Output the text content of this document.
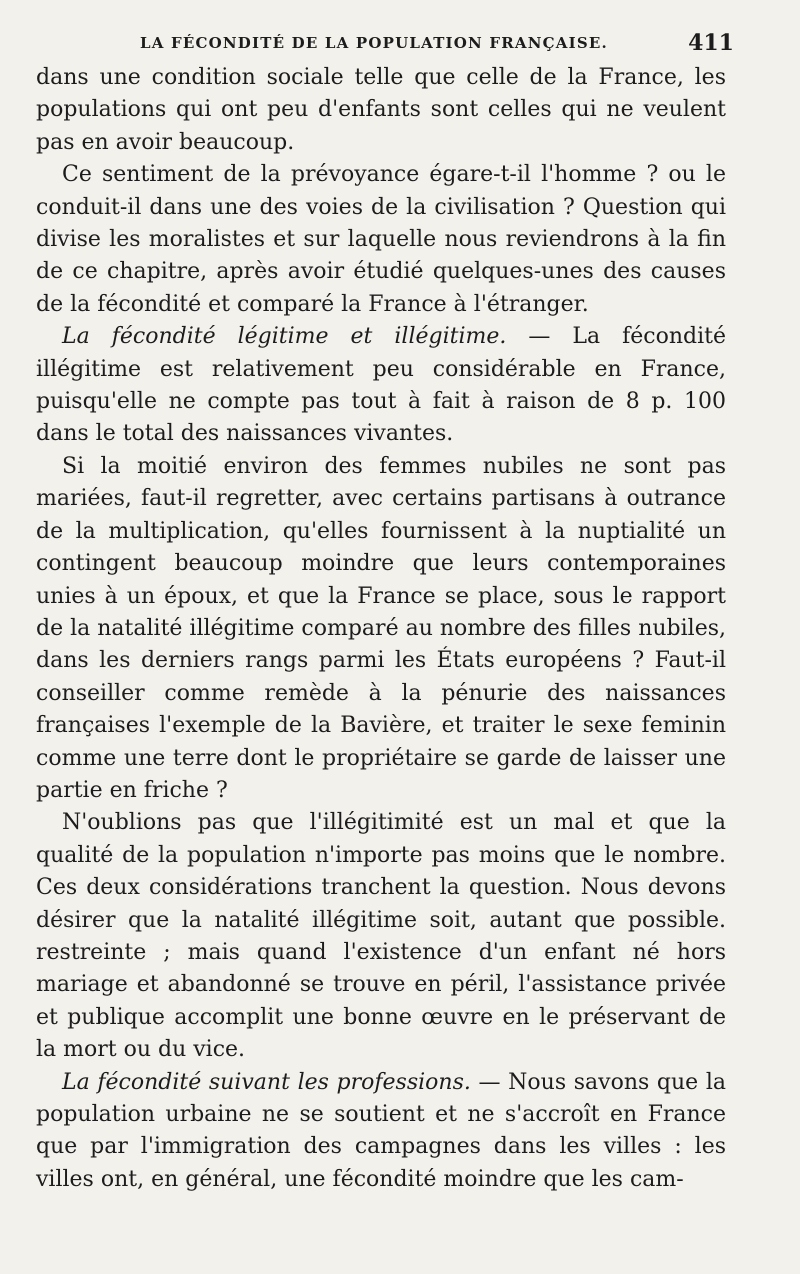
LA FÉCONDITÉ DE LA POPULATION FRANÇAISE.	411

dans une condition sociale telle que celle de la France, les populations qui ont peu d'enfants sont celles qui ne veulent pas en avoir beaucoup.

Ce sentiment de la prévoyance égare-t-il l'homme ? ou le conduit-il dans une des voies de la civilisation ? Question qui divise les moralistes et sur laquelle nous reviendrons à la fin de ce chapitre, après avoir étudié quelques-unes des causes de la fécondité et comparé la France à l'étranger.

La fécondité légitime et illégitime. — La fécondité illégitime est relativement peu considérable en France, puisqu'elle ne compte pas tout à fait à raison de 8 p. 100 dans le total des naissances vivantes.

Si la moitié environ des femmes nubiles ne sont pas mariées, faut-il regretter, avec certains partisans à outrance de la multiplication, qu'elles fournissent à la nuptialité un contingent beaucoup moindre que leurs contemporaines unies à un époux, et que la France se place, sous le rapport de la natalité illégitime comparé au nombre des filles nubiles, dans les derniers rangs parmi les États européens ? Faut-il conseiller comme remède à la pénurie des naissances françaises l'exemple de la Bavière, et traiter le sexe feminin comme une terre dont le propriétaire se garde de laisser une partie en friche ?

N'oublions pas que l'illégitimité est un mal et que la qualité de la population n'importe pas moins que le nombre. Ces deux considérations tranchent la question. Nous devons désirer que la natalité illégitime soit, autant que possible. restreinte ; mais quand l'existence d'un enfant né hors mariage et abandonné se trouve en péril, l'assistance privée et publique accomplit une bonne œuvre en le préservant de la mort ou du vice.

La fécondité suivant les professions. — Nous savons que la population urbaine ne se soutient et ne s'accroît en France que par l'immigration des campagnes dans les villes : les villes ont, en général, une fécondité moindre que les cam-
